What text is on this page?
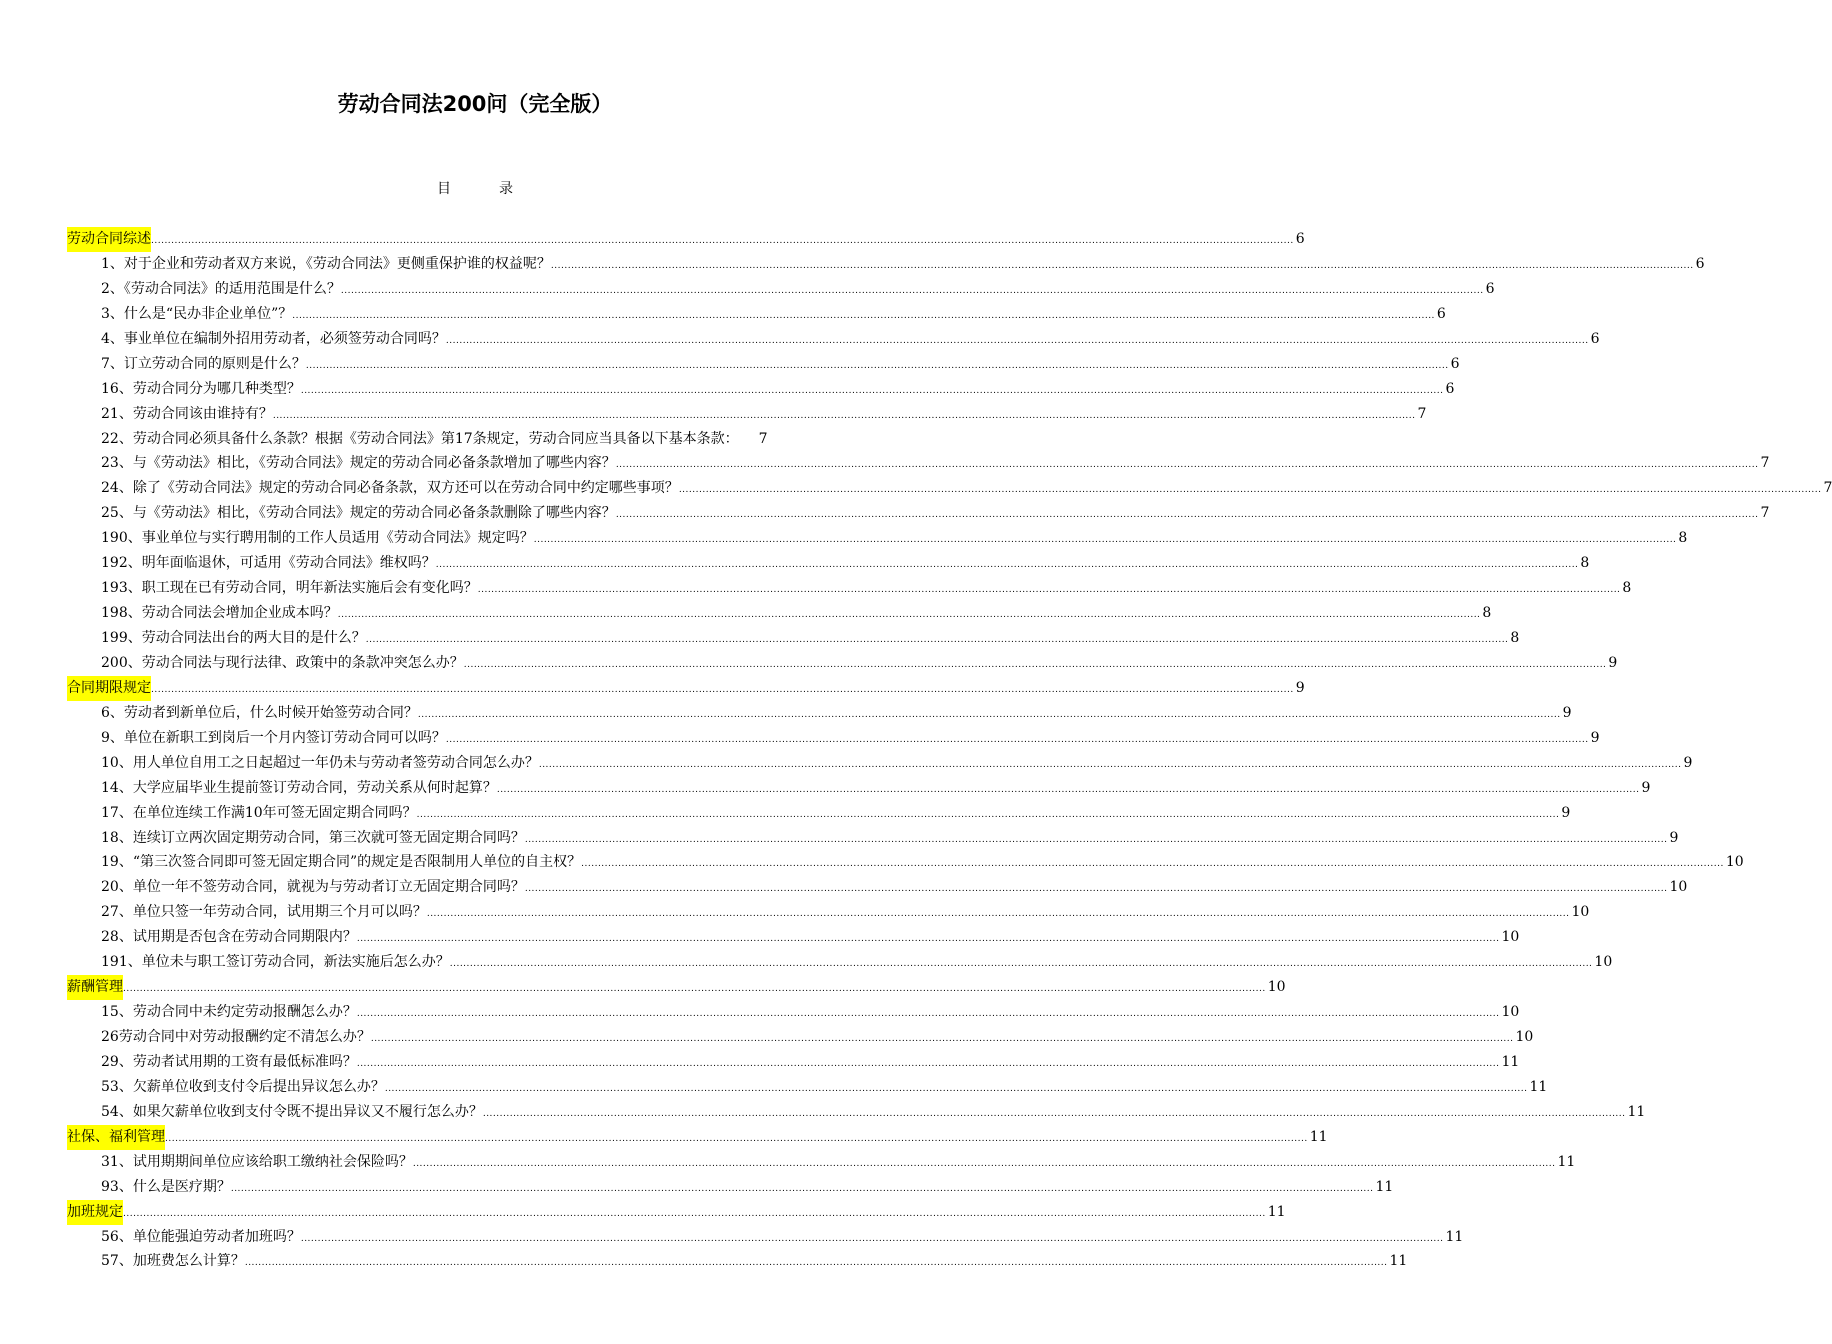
劳动合同法200问（完全版）
目录
劳动合同综述 .....	6
1、对于企业和劳动者双方来说，《劳动合同法》更侧重保护谁的权益呢？ .....	6
2、《劳动合同法》的适用范围是什么？ .....	6
3、什么是“民办非企业单位”？ .....	6
4、事业单位在编制外招用劳动者，必须签劳动合同吗？ .....	6
7、订立劳动合同的原则是什么？ .....	6
16、劳动合同分为哪几种类型？ .....	6
21、劳动合同该由谁持有？ .....	7
22、劳动合同必须具备什么条款？根据《劳动合同法》第17条规定，劳动合同应当具备以下基本条款： 7
23、与《劳动法》相比，《劳动合同法》规定的劳动合同必备条款增加了哪些内容？ .....	7
24、除了《劳动合同法》规定的劳动合同必备条款，双方还可以在劳动合同中约定哪些事项？ .....	7
25、与《劳动法》相比，《劳动合同法》规定的劳动合同必备条款删除了哪些内容？ .....	7
190、事业单位与实行聘用制的工作人员适用《劳动合同法》规定吗？ .....	8
192、明年面临退休，可适用《劳动合同法》维权吗？ .....	8
193、职工现在已有劳动合同，明年新法实施后会有变化吗？ .....	8
198、劳动合同法会增加企业成本吗？ .....	8
199、劳动合同法出台的两大目的是什么？ .....	8
200、劳动合同法与现行法律、政策中的条款冲突怎么办？ .....	9
合同期限规定 .....	9
6、劳动者到新单位后，什么时候开始签劳动合同？ .....	9
9、单位在新职工到岗后一个月内签订劳动合同可以吗？ .....	9
10、用人单位自用工之日起超过一年仍未与劳动者签劳动合同怎么办？ .....	9
14、大学应届毕业生提前签订劳动合同，劳动关系从何时起算？ .....	9
17、在单位连续工作满10年可签无固定期合同吗？ .....	9
18、连续订立两次固定期劳动合同，第三次就可签无固定期合同吗？ .....	9
19、“第三次签合同即可签无固定期合同”的规定是否限制用人单位的自主权？ .....	10
20、单位一年不签劳动合同，就视为与劳动者订立无固定期合同吗？ .....	10
27、单位只签一年劳动合同，试用期三个月可以吗？ .....	10
28、试用期是否包含在劳动合同期限内？ .....	10
191、单位未与职工签订劳动合同，新法实施后怎么办？ .....	10
薪酬管理 .....	10
15、劳动合同中未约定劳动报酬怎么办？ .....	10
26劳动合同中对劳动报酬约定不清怎么办？ .....	10
29、劳动者试用期的工资有最低标准吗？ .....	11
53、欠薪单位收到支付令后提出异议怎么办？ .....	11
54、如果欠薪单位收到支付令既不提出异议又不履行怎么办？ .....	11
社保、福利管理 .....	11
31、试用期期间单位应该给职工缴纳社会保险吗？ .....	11
93、什么是医疗期？ .....	11
加班规定 .....	11
56、单位能强迫劳动者加班吗？ .....	11
57、加班费怎么计算？ .....	11
